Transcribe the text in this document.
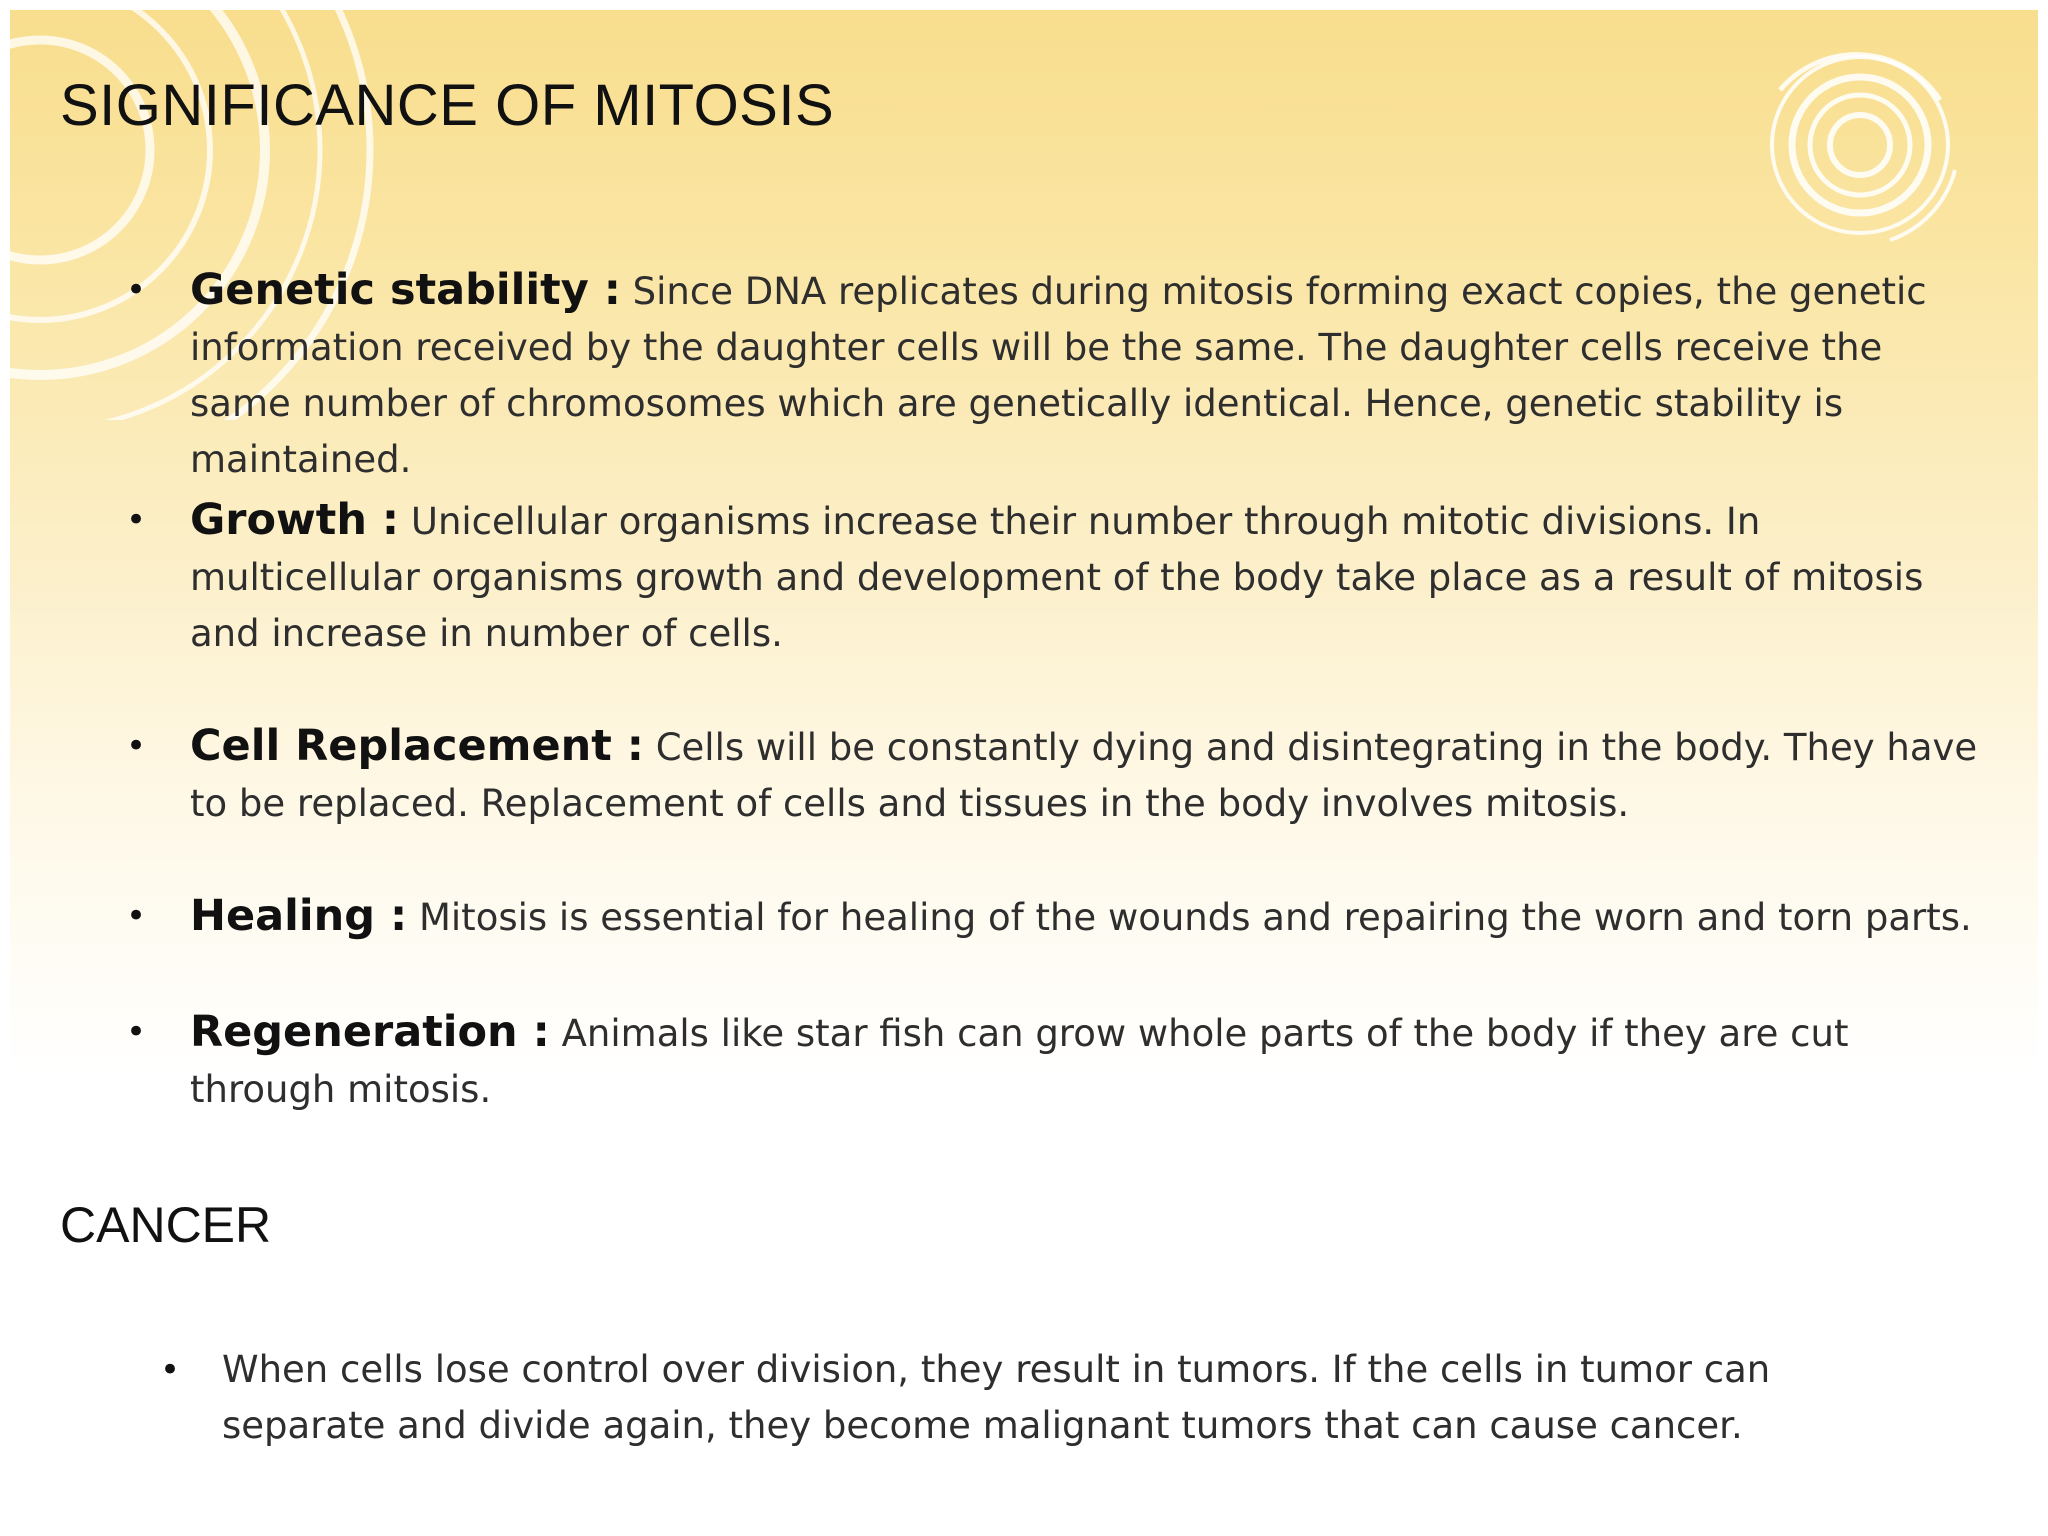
SIGNIFICANCE OF MITOSIS
• Genetic stability : Since DNA replicates during mitosis forming exact copies, the genetic information received by the daughter cells will be the same. The daughter cells receive the same number of chromosomes which are genetically identical. Hence, genetic stability is maintained.
• Growth : Unicellular organisms increase their number through mitotic divisions. In multicellular organisms growth and development of the body take place as a result of mitosis and increase in number of cells.
• Cell Replacement : Cells will be constantly dying and disintegrating in the body. They have to be replaced. Replacement of cells and tissues in the body involves mitosis.
• Healing : Mitosis is essential for healing of the wounds and repairing the worn and torn parts.
• Regeneration : Animals like star fish can grow whole parts of the body if they are cut through mitosis.
CANCER
• When cells lose control over division, they result in tumors. If the cells in tumor can separate and divide again, they become malignant tumors that can cause cancer.
